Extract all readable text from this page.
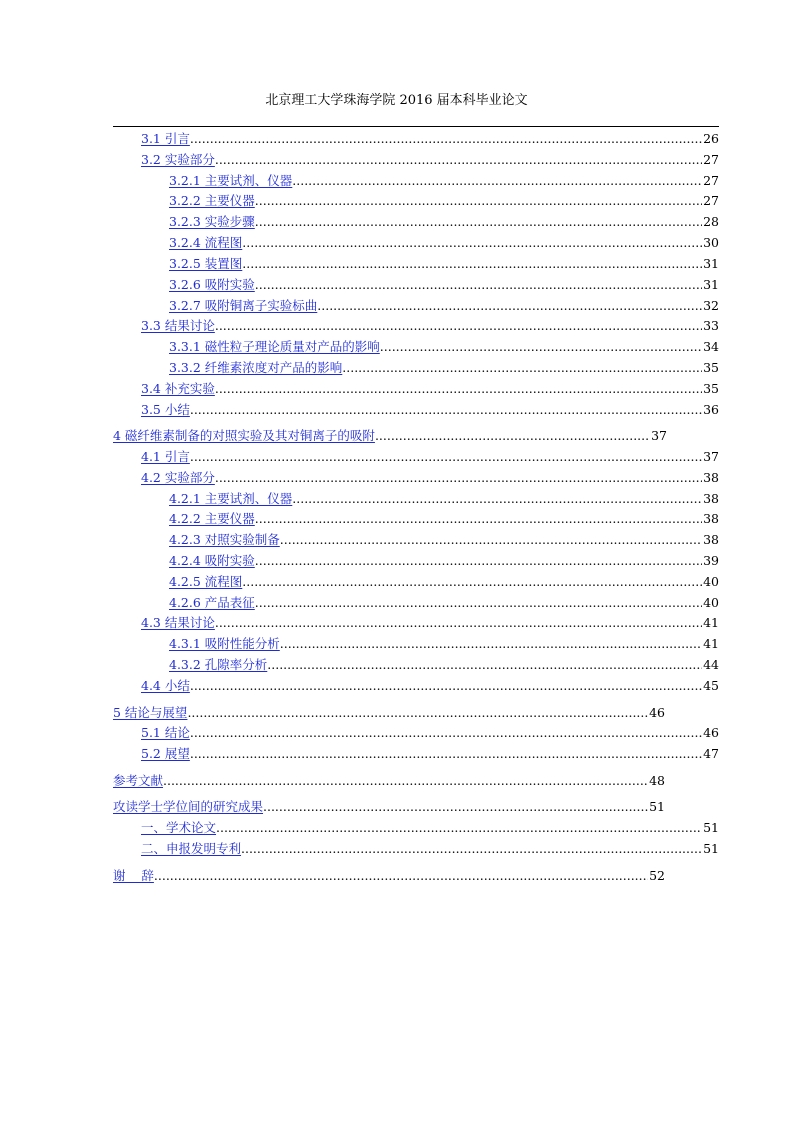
北京理工大学珠海学院 2016 届本科毕业论文
3.1 引言 .....	26
3.2 实验部分 .....	27
3.2.1 主要试剂、仪器 .....	27
3.2.2 主要仪器 .....	27
3.2.3 实验步骤 .....	28
3.2.4 流程图 .....	30
3.2.5 装置图 .....	31
3.2.6 吸附实验 .....	31
3.2.7 吸附铜离子实验标曲 .....	32
3.3 结果讨论 .....	33
3.3.1 磁性粒子理论质量对产品的影响 .....	34
3.3.2 纤维素浓度对产品的影响 .....	35
3.4 补充实验 .....	35
3.5 小结 .....	36
4 磁纤维素制备的对照实验及其对铜离子的吸附 .....	37
4.1 引言 .....	37
4.2 实验部分 .....	38
4.2.1 主要试剂、仪器 .....	38
4.2.2 主要仪器 .....	38
4.2.3 对照实验制备 .....	38
4.2.4 吸附实验 .....	39
4.2.5 流程图 .....	40
4.2.6 产品表征 .....	40
4.3 结果讨论 .....	41
4.3.1 吸附性能分析 .....	41
4.3.2 孔隙率分析 .....	44
4.4 小结 .....	45
5 结论与展望 .....	46
5.1 结论 .....	46
5.2 展望 .....	47
参考文献 .....	48
攻读学士学位间的研究成果 .....	51
一、学术论文 .....	51
二、申报发明专利 .....	51
谢    辞 .....	52
